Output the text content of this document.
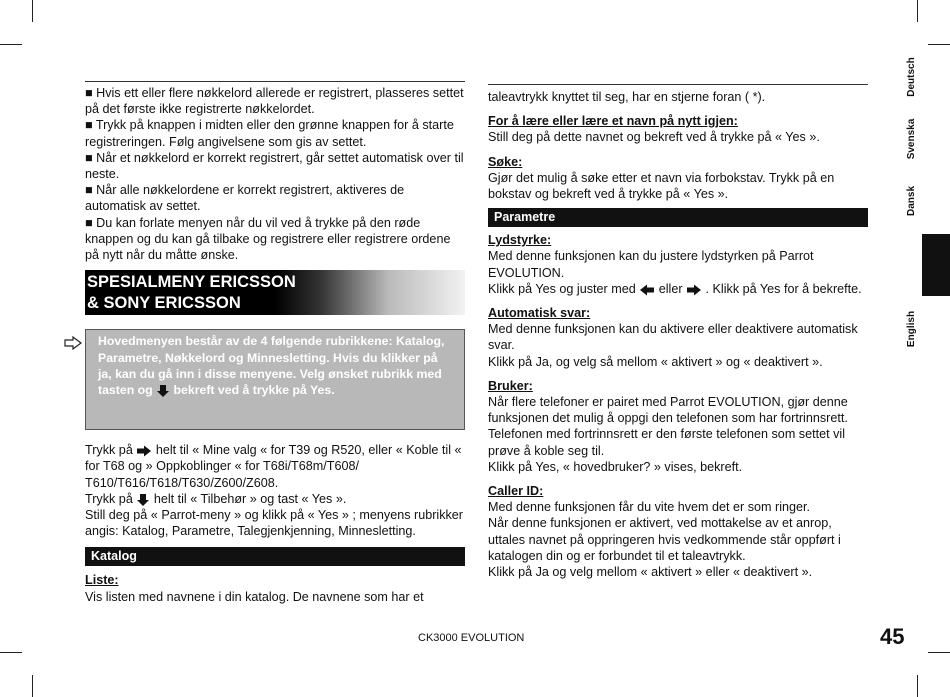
■ Hvis ett eller flere nøkkelord allerede er registrert, plasseres settet på det første ikke registrerte nøkkelordet.

■ Trykk på knappen i midten eller den grønne knappen for å starte registreringen. Følg angivelsene som gis av settet.

■ Når et nøkkelord er korrekt registrert, går settet automatisk over til neste.

■ Når alle nøkkelordene er korrekt registrert, aktiveres de automatisk av settet.

■ Du kan forlate menyen når du vil ved å trykke på den røde knappen og du kan gå tilbake og registrere eller registrere ordene på nytt når du måtte ønske.

SPESIALMENY ERICSSON
& SONY ERICSSON
Hovedmenyen består av de 4 følgende rubrikkene: Katalog, Parametre, Nøkkelord og Minnesletting. Hvis du klikker på ja, kan du gå inn i disse menyene. Velg ønsket rubrikk med tasten og bekreft ved å trykke på Yes.

Trykk på helt til « Mine valg « for T39 og R520, eller « Koble til « for T68 og » Oppkoblinger « for T68i/T68m/T608/ T610/T616/T618/T630/Z600/Z608.

Trykk på helt til « Tilbehør » og tast « Yes ».

Still deg på « Parrot-meny » og klikk på « Yes » ; menyens rubrikker angis: Katalog, Parametre, Talegjenkjenning, Minnesletting.

Katalog

Liste:

Vis listen med navnene i din katalog. De navnene som har et

taleavtrykk knyttet til seg, har en stjerne foran ( *).

For å lære eller lære et navn på nytt igjen:

Still deg på dette navnet og bekreft ved å trykke på « Yes ».

Søke:

Gjør det mulig å søke etter et navn via forbokstav. Trykk på en bokstav og bekreft ved å trykke på « Yes ».

Parametre

Lydstyrke:

Med denne funksjonen kan du justere lydstyrken på Parrot EVOLUTION.

Klikk på Yes og juster med eller . Klikk på Yes for å bekrefte.

Automatisk svar:

Med denne funksjonen kan du aktivere eller deaktivere automatisk svar.

Klikk på Ja, og velg så mellom « aktivert » og « deaktivert ».

Bruker:

Når flere telefoner er pairet med Parrot EVOLUTION, gjør denne funksjonen det mulig å oppgi den telefonen som har fortrinnsrett. Telefonen med fortrinnsrett er den første telefonen som settet vil prøve å koble seg til.

Klikk på Yes, « hovedbruker? » vises, bekreft.

Caller ID:

Med denne funksjonen får du vite hvem det er som ringer.

Når denne funksjonen er aktivert, ved mottakelse av et anrop, uttales navnet på oppringeren hvis vedkommende står oppført i katalogen din og er forbundet til et taleavtrykk.

Klikk på Ja og velg mellom « aktivert » eller « deaktivert ».

Deutsch
Svenska
Dansk
Norsk
English
CK3000 EVOLUTION	45
